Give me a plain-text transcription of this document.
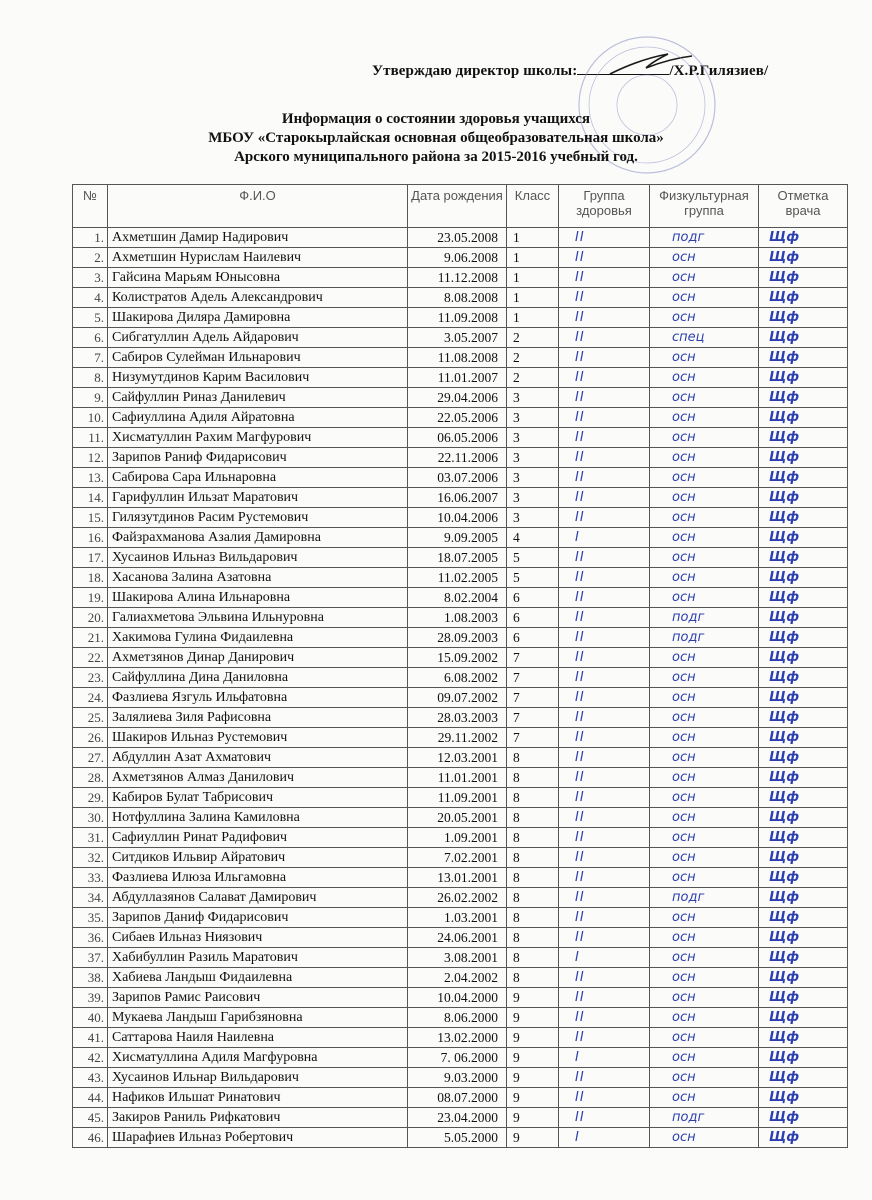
Утверждаю директор школы:	/Х.Р.Гилязиев/
Информация о состоянии здоровья учащихся
МБОУ «Старокырлайская основная общеобразовательная школа»
Арского муниципального района за 2015-2016 учебный год.
№	Ф.И.О	Дата рождения	Класс	Группа здоровья	Физкультурная группа	Отметка врача
1.	Ахметшин Дамир Надирович	23.05.2008	1	II	подг	Щф
2.	Ахметшин Нурислам Наилевич	9.06.2008	1	II	осн	Щф
3.	Гайсина Марьям Юнысовна	11.12.2008	1	II	осн	Щф
4.	Колистратов Адель Александрович	8.08.2008	1	II	осн	Щф
5.	Шакирова Диляра Дамировна	11.09.2008	1	II	осн	Щф
6.	Сибгатуллин Адель Айдарович	3.05.2007	2	II	спец	Щф
7.	Сабиров Сулейман Ильнарович	11.08.2008	2	II	осн	Щф
8.	Низумутдинов Карим Василович	11.01.2007	2	II	осн	Щф
9.	Сайфуллин Риназ Данилевич	29.04.2006	3	II	осн	Щф
10.	Сафиуллина Адиля Айратовна	22.05.2006	3	II	осн	Щф
11.	Хисматуллин Рахим Магфурович	06.05.2006	3	II	осн	Щф
12.	Зарипов Раниф Фидарисович	22.11.2006	3	II	осн	Щф
13.	Сабирова Сара Ильнаровна	03.07.2006	3	II	осн	Щф
14.	Гарифуллин Ильзат Маратович	16.06.2007	3	II	осн	Щф
15.	Гилязутдинов Расим Рустемович	10.04.2006	3	II	осн	Щф
16.	Файзрахманова Азалия Дамировна	9.09.2005	4	I	осн	Щф
17.	Хусаинов Ильназ Вильдарович	18.07.2005	5	II	осн	Щф
18.	Хасанова Залина Азатовна	11.02.2005	5	II	осн	Щф
19.	Шакирова Алина Ильнаровна	8.02.2004	6	II	осн	Щф
20.	Галиахметова Эльвина Ильнуровна	1.08.2003	6	II	подг	Щф
21.	Хакимова Гулина Фидаилевна	28.09.2003	6	II	подг	Щф
22.	Ахметзянов Динар Данирович	15.09.2002	7	II	осн	Щф
23.	Сайфуллина Дина Даниловна	6.08.2002	7	II	осн	Щф
24.	Фазлиева Язгуль Ильфатовна	09.07.2002	7	II	осн	Щф
25.	Залялиева Зиля Рафисовна	28.03.2003	7	II	осн	Щф
26.	Шакиров Ильназ Рустемович	29.11.2002	7	II	осн	Щф
27.	Абдуллин Азат Ахматович	12.03.2001	8	II	осн	Щф
28.	Ахметзянов Алмаз Данилович	11.01.2001	8	II	осн	Щф
29.	Кабиров Булат Табрисович	11.09.2001	8	II	осн	Щф
30.	Нотфуллина Залина Камиловна	20.05.2001	8	II	осн	Щф
31.	Сафиуллин Ринат Радифович	1.09.2001	8	II	осн	Щф
32.	Ситдиков Ильвир Айратович	7.02.2001	8	II	осн	Щф
33.	Фазлиева Илюза Ильгамовна	13.01.2001	8	II	осн	Щф
34.	Абдуллазянов Салават Дамирович	26.02.2002	8	II	подг	Щф
35.	Зарипов Даниф Фидарисович	1.03.2001	8	II	осн	Щф
36.	Сибаев Ильназ Ниязович	24.06.2001	8	II	осн	Щф
37.	Хабибуллин Разиль Маратович	3.08.2001	8	I	осн	Щф
38.	Хабиева Ландыш Фидаилевна	2.04.2002	8	II	осн	Щф
39.	Зарипов Рамис Раисович	10.04.2000	9	II	осн	Щф
40.	Мукаева Ландыш Гарибзяновна	8.06.2000	9	II	осн	Щф
41.	Саттарова Наиля Наилевна	13.02.2000	9	II	осн	Щф
42.	Хисматуллина Адиля Магфуровна	7. 06.2000	9	I	осн	Щф
43.	Хусаинов Ильнар Вильдарович	9.03.2000	9	II	осн	Щф
44.	Нафиков Ильшат Ринатович	08.07.2000	9	II	осн	Щф
45.	Закиров Раниль Рифкатович	23.04.2000	9	II	подг	Щф
46.	Шарафиев Ильназ Робертович	5.05.2000	9	I	осн	Щф
